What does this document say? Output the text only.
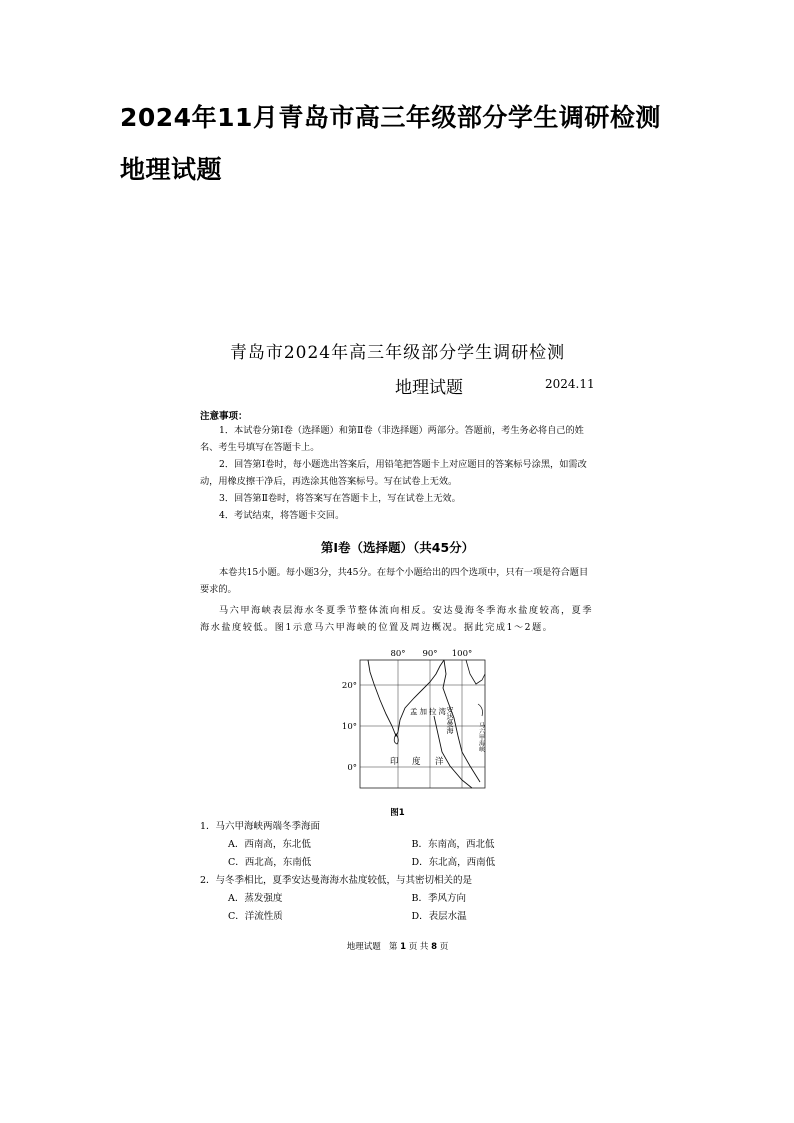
2024年11月青岛市高三年级部分学生调研检测地理试题
青岛市2024年高三年级部分学生调研检测
地理试题	2024.11
注意事项：

1．本试卷分第Ⅰ卷（选择题）和第Ⅱ卷（非选择题）两部分。答题前，考生务必将自己的姓名、考生号填写在答题卡上。

2．回答第Ⅰ卷时，每小题选出答案后，用铅笔把答题卡上对应题目的答案标号涂黑，如需改动，用橡皮擦干净后，再选涂其他答案标号。写在试卷上无效。

3．回答第Ⅱ卷时，将答案写在答题卡上，写在试卷上无效。

4．考试结束，将答题卡交回。

第Ⅰ卷（选择题）（共45分）

本卷共15小题。每小题3分，共45分。在每个小题给出的四个选项中，只有一项是符合题目要求的。

马六甲海峡表层海水冬夏季节整体流向相反。安达曼海冬季海水盐度较高，夏季海水盐度较低。图1示意马六甲海峡的位置及周边概况。据此完成1～2题。

80° 90° 100°
20°
10°
0°
孟加拉湾
安达曼海
马六甲海峡
印 度 洋
图1

1．马六甲海峡两端冬季海面

A．西南高，东北低	B．东南高，西北低
C．西北高，东南低	D．东北高，西南低

2．与冬季相比，夏季安达曼海海水盐度较低，与其密切相关的是

A．蒸发强度	B．季风方向
C．洋流性质	D．表层水温
地理试题 第 1 页 共 8 页
